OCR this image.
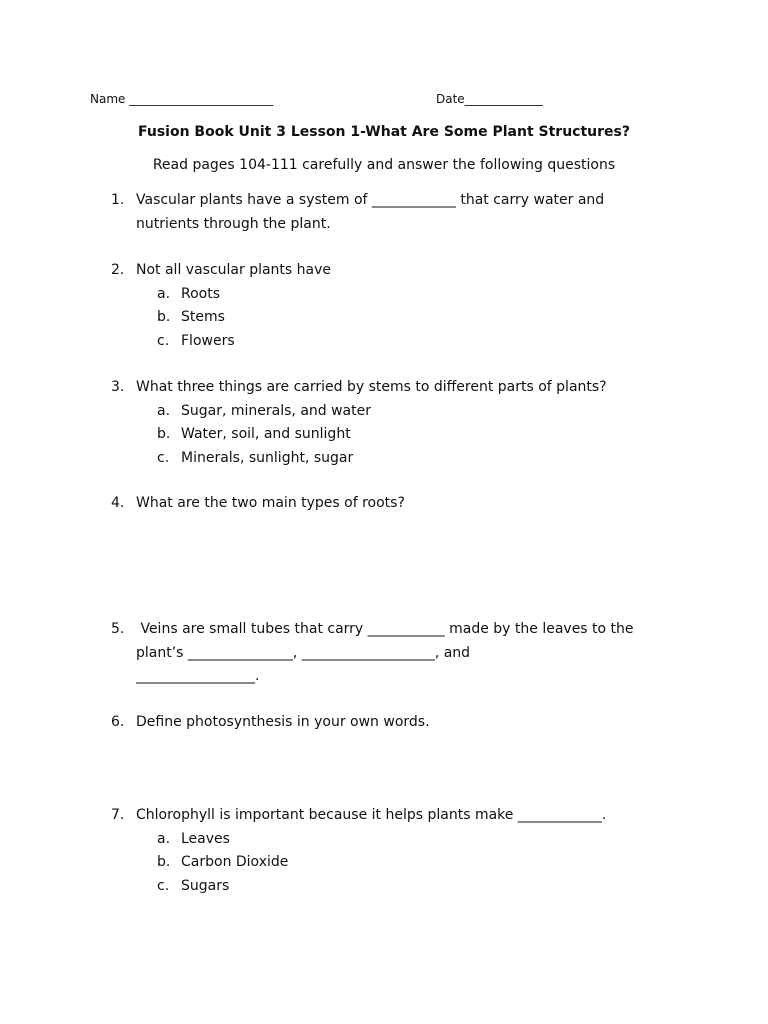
Name ________________________	Date_____________
Fusion Book Unit 3 Lesson 1-What Are Some Plant Structures?
Read pages 104-111 carefully and answer the following questions
1. Vascular plants have a system of ____________ that carry water and
nutrients through the plant.
2. Not all vascular plants have
a. Roots
b. Stems
c. Flowers
3. What three things are carried by stems to different parts of plants?
a. Sugar, minerals, and water
b. Water, soil, and sunlight
c. Minerals, sunlight, sugar
4. What are the two main types of roots?
5.	Veins are small tubes that carry ___________ made by the leaves to the
plant’s _______________, ___________________, and
_________________.
6. Define photosynthesis in your own words.
7. Chlorophyll is important because it helps plants make ____________.
a. Leaves
b. Carbon Dioxide
c. Sugars
